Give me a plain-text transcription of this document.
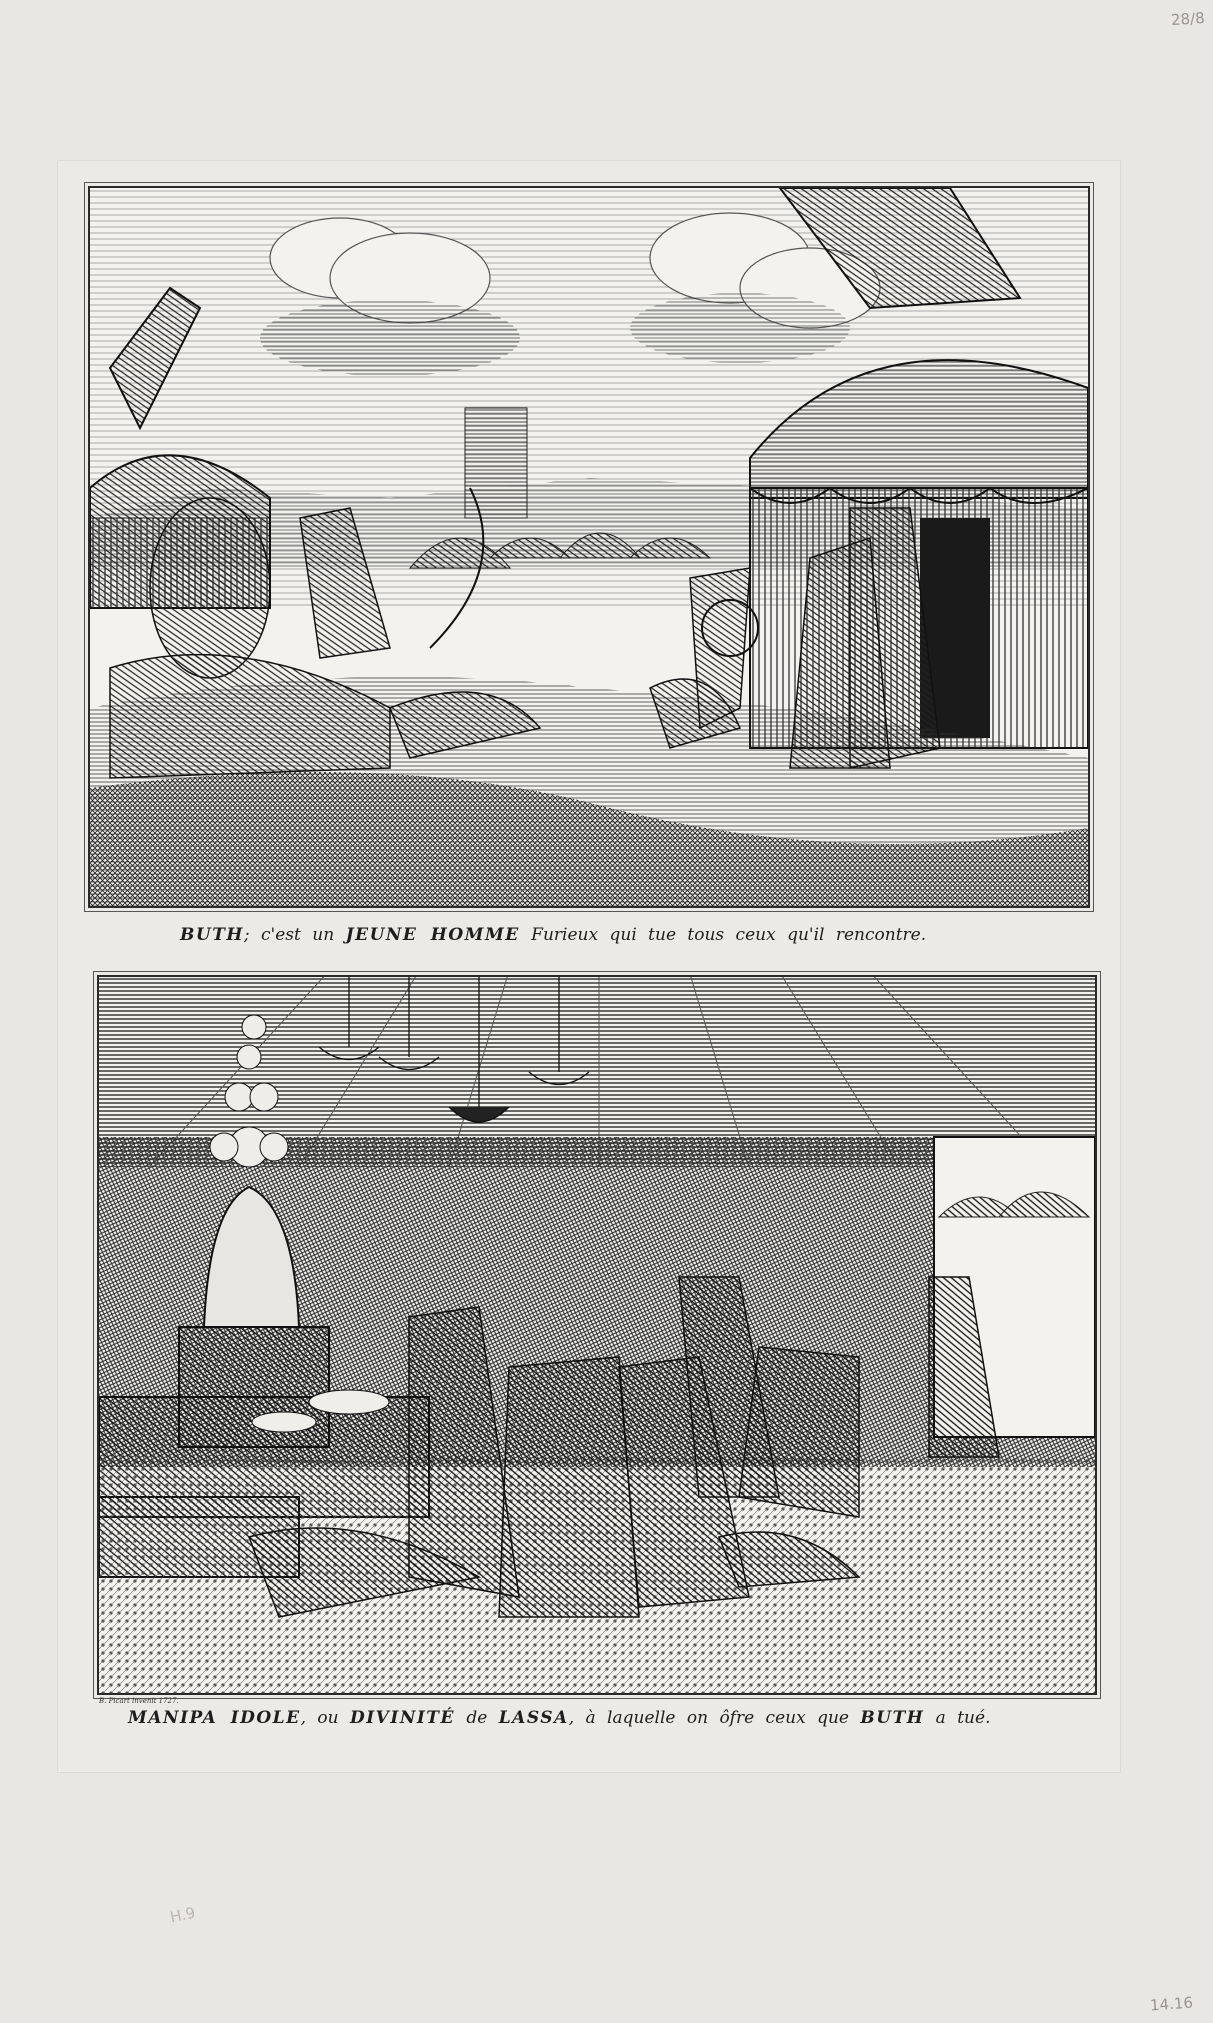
28/8
BUTH; c'est un JEUNE HOMME Furieux qui tue tous ceux qu'il rencontre.
B. Picart invenit 1727.
MANIPA IDOLE, ou DIVINITÉ de LASSA, à laquelle on ôfre ceux que BUTH a tué.
H.9
14.16
